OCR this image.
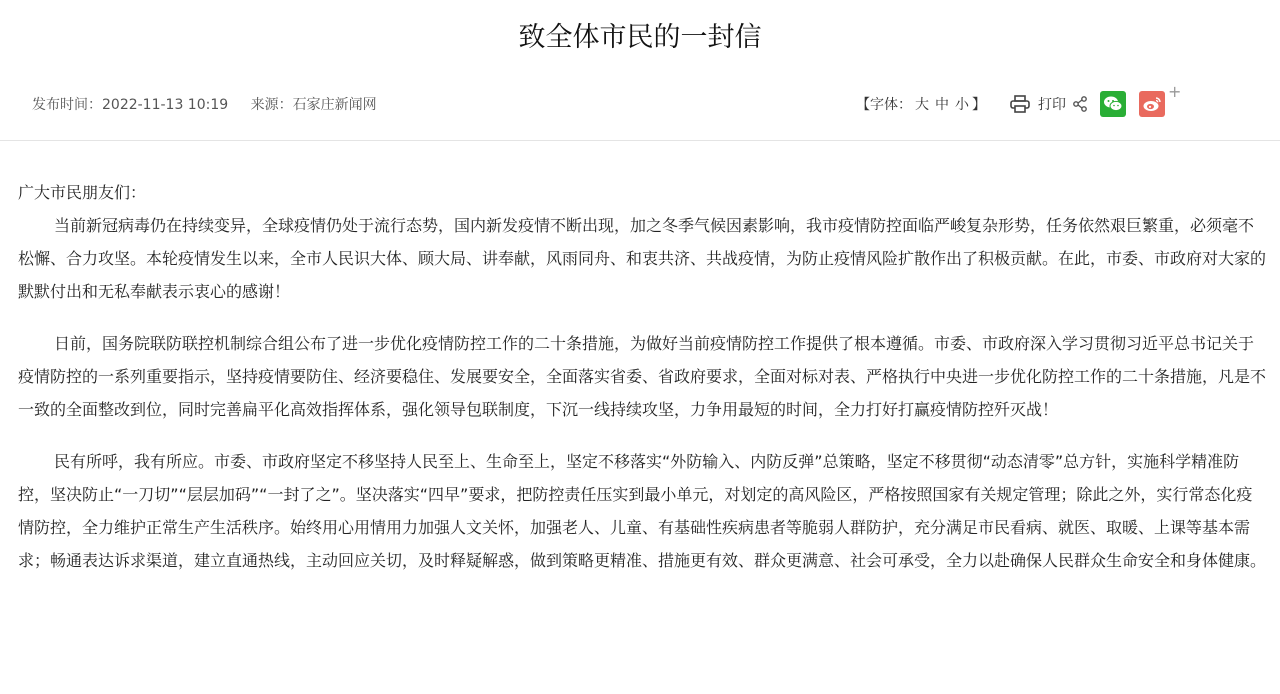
致全体市民的一封信
发布时间：2022-11-13 10:19 来源：石家庄新闻网	【字体： 大 中 小 】	打印
+

广大市民朋友们：

当前新冠病毒仍在持续变异，全球疫情仍处于流行态势，国内新发疫情不断出现，加之冬季气候因素影响，我市疫情防控面临严峻复杂形势，任务依然艰巨繁重，必须毫不松懈、合力攻坚。本轮疫情发生以来，全市人民识大体、顾大局、讲奉献，风雨同舟、和衷共济、共战疫情，为防止疫情风险扩散作出了积极贡献。在此，市委、市政府对大家的默默付出和无私奉献表示衷心的感谢！

日前，国务院联防联控机制综合组公布了进一步优化疫情防控工作的二十条措施，为做好当前疫情防控工作提供了根本遵循。市委、市政府深入学习贯彻习近平总书记关于疫情防控的一系列重要指示，坚持疫情要防住、经济要稳住、发展要安全，全面落实省委、省政府要求，全面对标对表、严格执行中央进一步优化防控工作的二十条措施，凡是不一致的全面整改到位，同时完善扁平化高效指挥体系，强化领导包联制度，下沉一线持续攻坚，力争用最短的时间，全力打好打赢疫情防控歼灭战！

民有所呼，我有所应。市委、市政府坚定不移坚持人民至上、生命至上，坚定不移落实“外防输入、内防反弹”总策略，坚定不移贯彻“动态清零”总方针，实施科学精准防控，坚决防止“一刀切”“层层加码”“一封了之”。坚决落实“四早”要求，把防控责任压实到最小单元，对划定的高风险区，严格按照国家有关规定管理；除此之外，实行常态化疫情防控，全力维护正常生产生活秩序。始终用心用情用力加强人文关怀，加强老人、儿童、有基础性疾病患者等脆弱人群防护，充分满足市民看病、就医、取暖、上课等基本需求；畅通表达诉求渠道，建立直通热线，主动回应关切，及时释疑解惑，做到策略更精准、措施更有效、群众更满意、社会可承受，全力以赴确保人民群众生命安全和身体健康。
